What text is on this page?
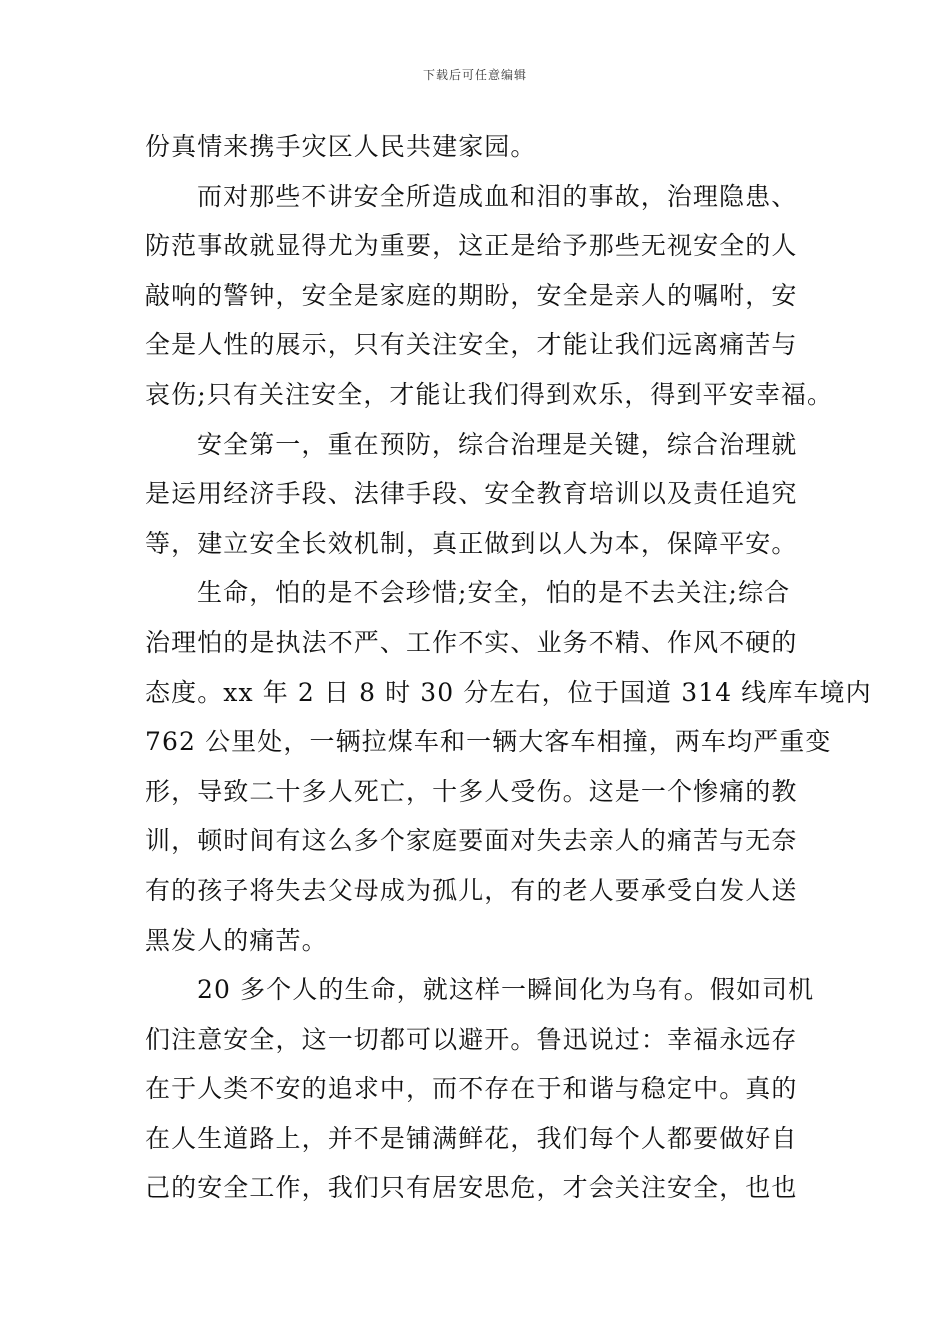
下载后可任意编辑
份真情来携手灾区人民共建家园。
而对那些不讲安全所造成血和泪的事故，治理隐患、
防范事故就显得尤为重要，这正是给予那些无视安全的人
敲响的警钟，安全是家庭的期盼，安全是亲人的嘱咐，安
全是人性的展示，只有关注安全，才能让我们远离痛苦与
哀伤;只有关注安全，才能让我们得到欢乐，得到平安幸福。
安全第一，重在预防，综合治理是关键，综合治理就
是运用经济手段、法律手段、安全教育培训以及责任追究
等，建立安全长效机制，真正做到以人为本，保障平安。
生命，怕的是不会珍惜;安全，怕的是不去关注;综合
治理怕的是执法不严、工作不实、业务不精、作风不硬的
态度。xx 年 2 日 8 时 30 分左右，位于国道 314 线库车境内
762 公里处，一辆拉煤车和一辆大客车相撞，两车均严重变
形，导致二十多人死亡，十多人受伤。这是一个惨痛的教
训，顿时间有这么多个家庭要面对失去亲人的痛苦与无奈
有的孩子将失去父母成为孤儿，有的老人要承受白发人送
黑发人的痛苦。
20 多个人的生命，就这样一瞬间化为乌有。假如司机
们注意安全，这一切都可以避开。鲁迅说过：幸福永远存
在于人类不安的追求中，而不存在于和谐与稳定中。真的
在人生道路上，并不是铺满鲜花，我们每个人都要做好自
己的安全工作，我们只有居安思危，才会关注安全，也也
